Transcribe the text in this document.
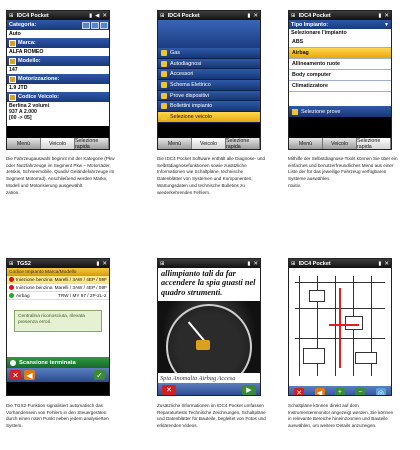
⊞ IDC4 Pocket	▮ ◀ ✕
Categoria:
Auto
Marca:
ALFA ROMEO
Modello:
147
Motorizzazione:
1.9 JTD
Codice Veicolo:
Berlina 2 volumi
937 A 2.000
[00 -> 05]
Menù	Veicolo	Selezione rapida
⊞ IDC4 Pocket	▮ ✕
Gas
Autodiagnosi
Accessori
Schema Elettrico
Prove dispositivi
Bollettini impianto
Selezione veicolo
Menù	Veicolo	Selezione rapida
⊞ IDC4 Pocket	▮ ✕
Tipo Impianto:	▼
Selezionare l'impianto
ABS
Airbag
Allineamento ruote
Body computer
Climatizzatore
Selezione prove
Menù	Veicolo	Selezione rapida

Die Fahrzeugauswahl beginnt mit der Kategorie (Pkw oder Nutzfahrzeuge im Segment Pkw – Motorräder, Jetskis, Schneemobile, Quads/ Geländefahrzeuge im Segment Motorrad). Anschließend werden Marke, Modell und Motorisierung ausgewählt.

zation.

Die IDC4 Pocket Software enthält alle Diagnose- und Selbstdiagnosefunktionen sowie zusätzliche Informationen wie Schaltpläne, technische Datenblätter von Systemen und Komponenten, Wartungsdaten und technische Bulletins zu wiederkehrenden Fehlern.

Mithilfe der Selbstdiagnose-Tools können Sie über ein einfaches und benutzerfreundliches Menü aus einer Liste der für das jeweilige Fahrzeug verfügbaren Systeme auswählen.

ntuitiv.

⊞ TGS2	▮ ✕
Codice Impianto Marca/Modello
Iniezione benzina Marelli / 3AW / 4EP / 59F
Iniezione benzina Marelli / 3AW / 4EP / 59F
Airbag	TRW / MY 97 / 2P-2L-2
Centralina riconosciuta, rilevata presenza errori.
Scansione terminata
✕ ◀	✓
⊞	▮ ✕
allimpianto tali da far accendere la spia guasti nel quadro strumenti.
Spia Anomalia Airbag Accesa
✕	▶
⊞ IDC4 Pocket	▮ ✕
✕	◀	+	−	◎

Die TGS2-Funktion signalisiert automatisch das Vorhandensein von Fehlern in den Steuergeräten durch einen roten Punkt neben jedem analysierten System.

Zusätzliche Informationen im IDC4 Pocket umfassen Reparaturtests Technische Zeichnungen, Schaltpläne und Datenblätter für Bauteile, begleitet von Fotos und erklärenden Videos.

Schaltpläne können direkt auf dem Instrumentenmonitor angezeigt werden. Sie können in relevante Bereiche hineinzoomen und Bauteile auswählen, um weitere Details anzuzeigen.
